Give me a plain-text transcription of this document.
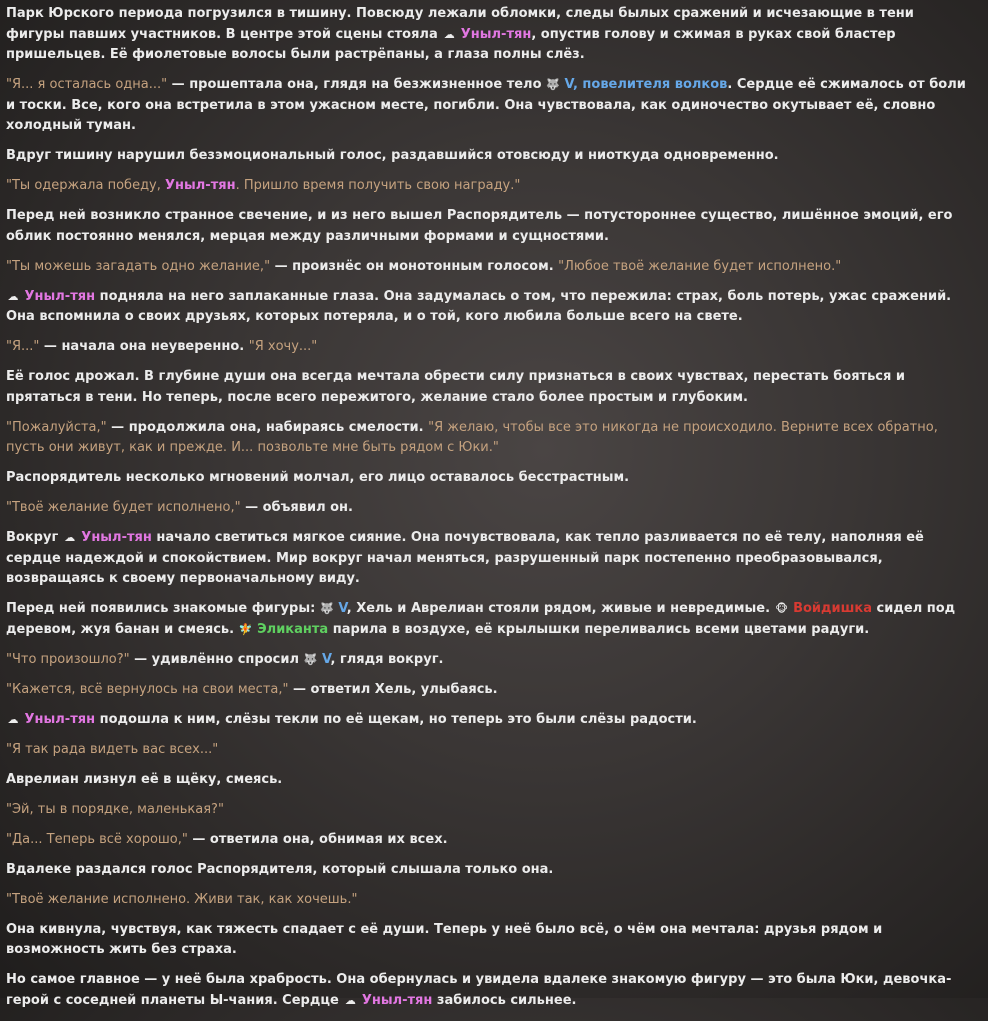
Парк Юрского периода погрузился в тишину. Повсюду лежали обломки, следы былых сражений и исчезающие в тени фигуры павших участников. В центре этой сцены стояла ☁ Уныл-тян, опустив голову и сжимая в руках свой бластер пришельцев. Её фиолетовые волосы были растрёпаны, а глаза полны слёз.
"Я... я осталась одна..." — прошептала она, глядя на безжизненное тело 🐺 V, повелителя волков. Сердце её сжималось от боли и тоски. Все, кого она встретила в этом ужасном месте, погибли. Она чувствовала, как одиночество окутывает её, словно холодный туман.
Вдруг тишину нарушил безэмоциональный голос, раздавшийся отовсюду и ниоткуда одновременно.
"Ты одержала победу, Уныл-тян. Пришло время получить свою награду."
Перед ней возникло странное свечение, и из него вышел Распорядитель — потустороннее существо, лишённое эмоций, его облик постоянно менялся, мерцая между различными формами и сущностями.
"Ты можешь загадать одно желание," — произнёс он монотонным голосом. "Любое твоё желание будет исполнено."
☁ Уныл-тян подняла на него заплаканные глаза. Она задумалась о том, что пережила: страх, боль потерь, ужас сражений. Она вспомнила о своих друзьях, которых потеряла, и о той, кого любила больше всего на свете.
"Я..." — начала она неуверенно. "Я хочу..."
Её голос дрожал. В глубине души она всегда мечтала обрести силу признаться в своих чувствах, перестать бояться и прятаться в тени. Но теперь, после всего пережитого, желание стало более простым и глубоким.
"Пожалуйста," — продолжила она, набираясь смелости. "Я желаю, чтобы все это никогда не происходило. Верните всех обратно, пусть они живут, как и прежде. И... позвольте мне быть рядом с Юки."
Распорядитель несколько мгновений молчал, его лицо оставалось бесстрастным.
"Твоё желание будет исполнено," — объявил он.
Вокруг ☁ Уныл-тян начало светиться мягкое сияние. Она почувствовала, как тепло разливается по её телу, наполняя её сердце надеждой и спокойствием. Мир вокруг начал меняться, разрушенный парк постепенно преобразовывался, возвращаясь к своему первоначальному виду.
Перед ней появились знакомые фигуры: 🐺 V, Хель и Аврелиан стояли рядом, живые и невредимые. 🐵 Войдишка сидел под деревом, жуя банан и смеясь. 🧚 Эликанта парила в воздухе, её крылышки переливались всеми цветами радуги.
"Что произошло?" — удивлённо спросил 🐺 V, глядя вокруг.
"Кажется, всё вернулось на свои места," — ответил Хель, улыбаясь.
☁ Уныл-тян подошла к ним, слёзы текли по её щекам, но теперь это были слёзы радости.
"Я так рада видеть вас всех..."
Аврелиан лизнул её в щёку, смеясь.
"Эй, ты в порядке, маленькая?"
"Да... Теперь всё хорошо," — ответила она, обнимая их всех.
Вдалеке раздался голос Распорядителя, который слышала только она.
"Твоё желание исполнено. Живи так, как хочешь."
Она кивнула, чувствуя, как тяжесть спадает с её души. Теперь у неё было всё, о чём она мечтала: друзья рядом и возможность жить без страха.
Но самое главное — у неё была храбрость. Она обернулась и увидела вдалеке знакомую фигуру — это была Юки, девочка-герой с соседней планеты Ы-чания. Сердце ☁ Уныл-тян забилось сильнее.
